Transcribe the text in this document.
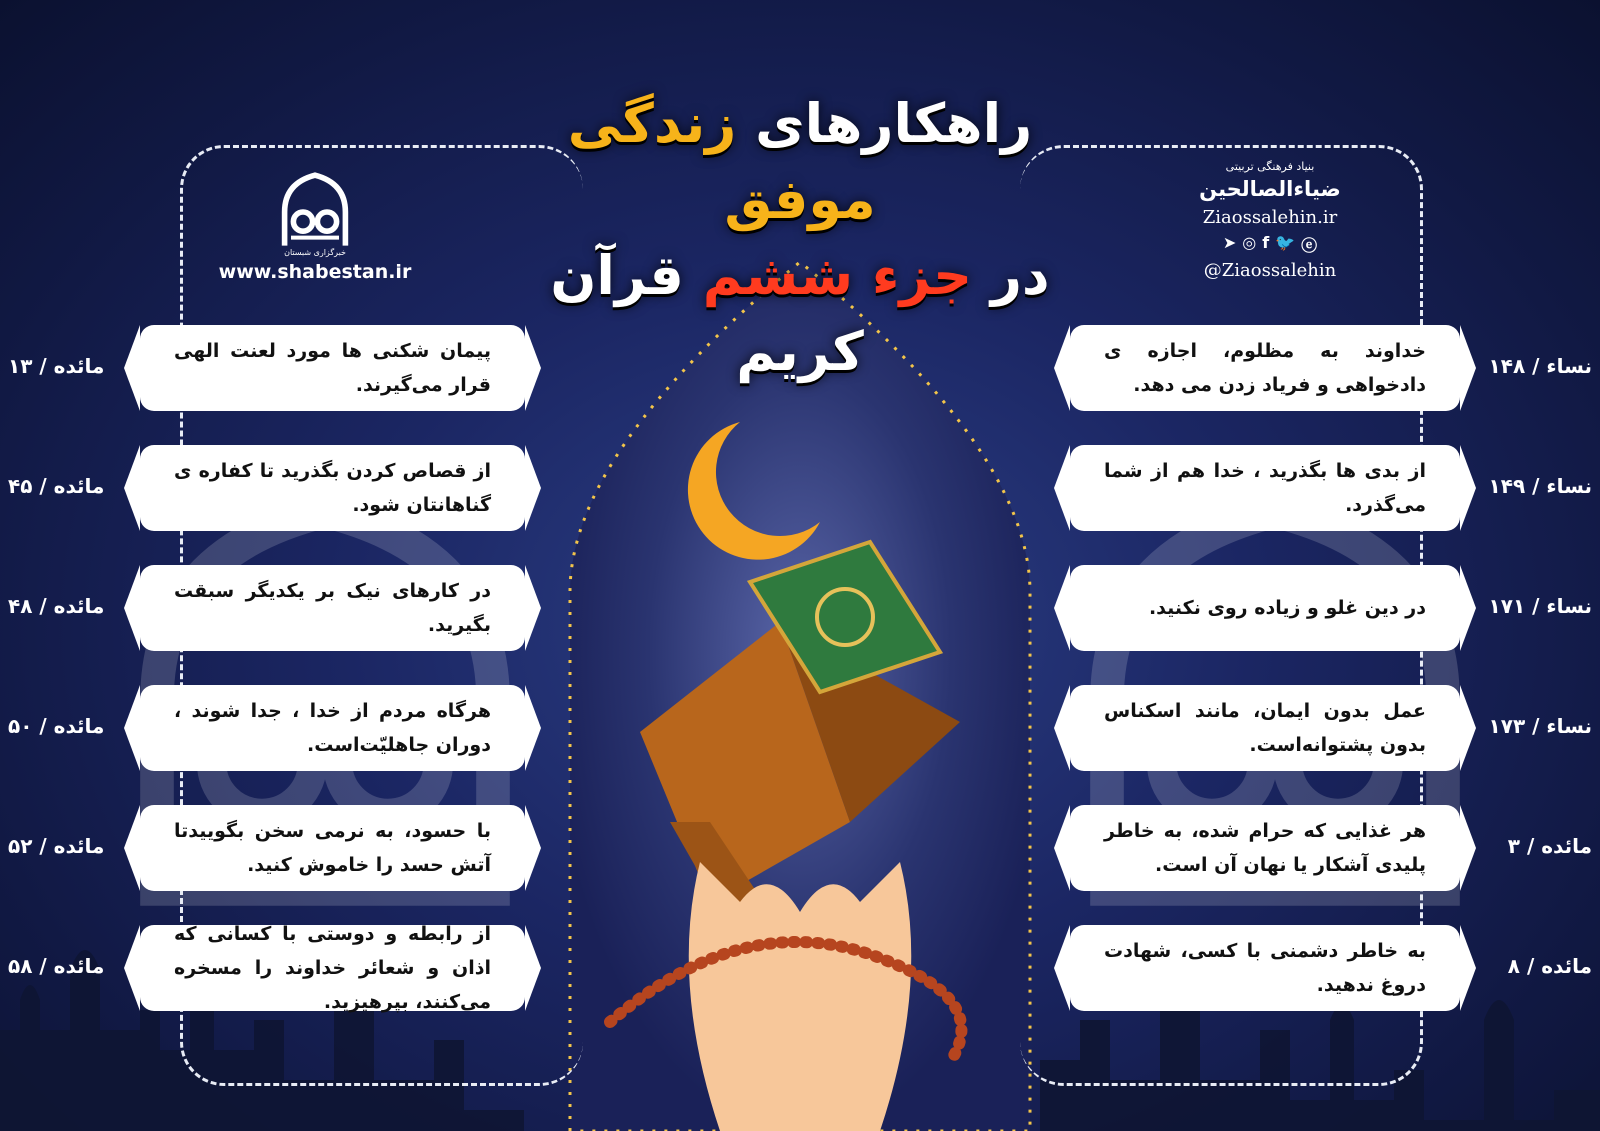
راهکارهای زندگی موفق
در جزء ششم قرآن کریم
بنیاد فرهنگی تربیتی
ضیاءالصالحین
Ziaossalehin.ir
➤ ◎ f 🐦 ⓔ
@Ziaossalehin
خبرگزاری شبستان
www.shabestan.ir
پیمان شکنی ها مورد لعنت الهی قرار می‌گیرند.
از قصاص کردن بگذرید تا کفاره ی گناهانتان شود.
در کارهای نیک بر یکدیگر سبقت بگیرید.
هرگاه مردم از خدا ، جدا شوند ، دوران جاهلیّت‌است.
با حسود، به نرمی سخن بگوییدتا آتش حسد را خاموش کنید.
از رابطه و دوستی با کسانی که اذان و شعائر خداوند را مسخره می‌کنند، بپرهیزید.
مائده / ۱۳
مائده / ۴۵
مائده / ۴۸
مائده / ۵۰
مائده / ۵۲
مائده / ۵۸
خداوند به مظلوم، اجازه ی دادخواهی و فریاد زدن می دهد.
از بدی ها بگذرید ، خدا هم از شما می‌گذرد.
در دین غلو و زیاده روی نکنید.
عمل بدون ایمان، مانند اسکناس بدون پشتوانه‌است.
هر غذایی که حرام شده، به خاطر پلیدی آشکار یا نهان آن است.
به خاطر دشمنی با کسی، شهادت دروغ ندهید.
نساء / ۱۴۸
نساء / ۱۴۹
نساء / ۱۷۱
نساء / ۱۷۳
مائده / ۳
مائده / ۸
